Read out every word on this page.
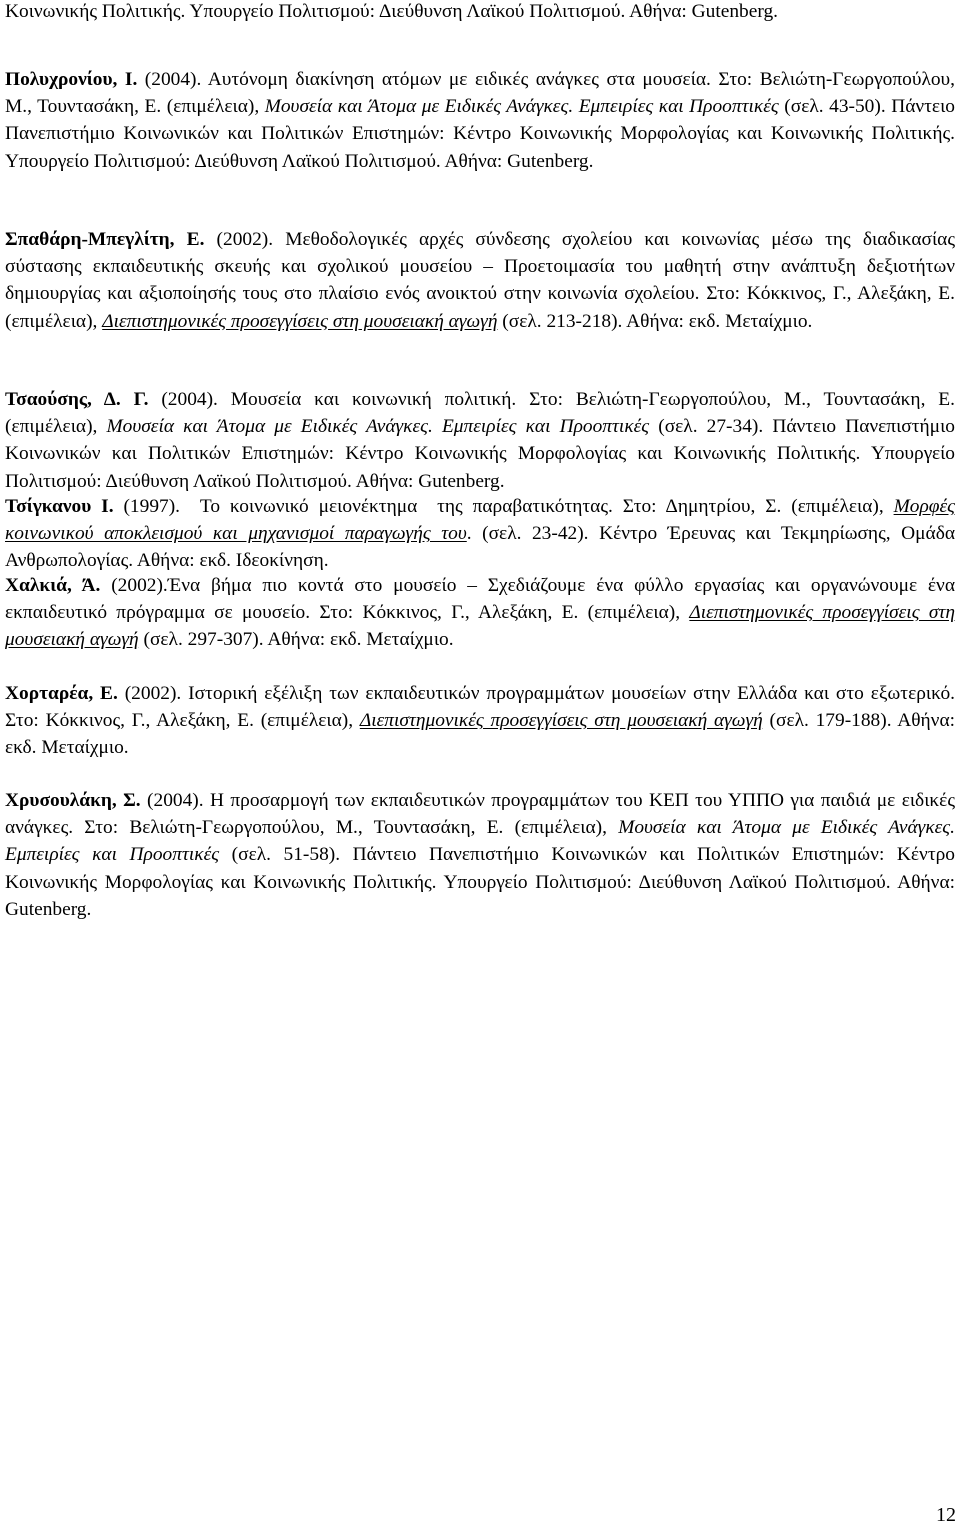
Κοινωνικής Πολιτικής. Υπουργείο Πολιτισμού: Διεύθυνση Λαϊκού Πολιτισμού. Αθήνα: Gutenberg.

Πολυχρονίου, Ι. (2004). Αυτόνομη διακίνηση ατόμων με ειδικές ανάγκες στα μουσεία. Στο: Βελιώτη-Γεωργοπούλου, Μ., Τουντασάκη, Ε. (επιμέλεια), Μουσεία και Άτομα με Ειδικές Ανάγκες. Εμπειρίες και Προοπτικές (σελ. 43-50). Πάντειο Πανεπιστήμιο Κοινωνικών και Πολιτικών Επιστημών: Κέντρο Κοινωνικής Μορφολογίας και Κοινωνικής Πολιτικής. Υπουργείο Πολιτισμού: Διεύθυνση Λαϊκού Πολιτισμού. Αθήνα: Gutenberg.

Σπαθάρη-Μπεγλίτη, Ε. (2002). Μεθοδολογικές αρχές σύνδεσης σχολείου και κοινωνίας μέσω της διαδικασίας σύστασης εκπαιδευτικής σκευής και σχολικού μουσείου – Προετοιμασία του μαθητή στην ανάπτυξη δεξιοτήτων δημιουργίας και αξιοποίησής τους στο πλαίσιο ενός ανοικτού στην κοινωνία σχολείου. Στο: Κόκκινος, Γ., Αλεξάκη, Ε. (επιμέλεια), Διεπιστημονικές προσεγγίσεις στη μουσειακή αγωγή (σελ. 213-218). Αθήνα: εκδ. Μεταίχμιο.

Τσαούσης, Δ. Γ. (2004). Μουσεία και κοινωνική πολιτική. Στο: Βελιώτη-Γεωργοπούλου, Μ., Τουντασάκη, Ε. (επιμέλεια), Μουσεία και Άτομα με Ειδικές Ανάγκες. Εμπειρίες και Προοπτικές (σελ. 27-34). Πάντειο Πανεπιστήμιο Κοινωνικών και Πολιτικών Επιστημών: Κέντρο Κοινωνικής Μορφολογίας και Κοινωνικής Πολιτικής. Υπουργείο Πολιτισμού: Διεύθυνση Λαϊκού Πολιτισμού. Αθήνα: Gutenberg.

Τσίγκανου Ι. (1997).  Το κοινωνικό μειονέκτημα  της παραβατικότητας. Στο: Δημητρίου, Σ. (επιμέλεια), Μορφές κοινωνικού αποκλεισμού και μηχανισμοί παραγωγής του. (σελ. 23-42). Κέντρο Έρευνας και Τεκμηρίωσης, Ομάδα Ανθρωπολογίας. Αθήνα: εκδ. Ιδεοκίνηση.

Χαλκιά, Ά. (2002).Ένα βήμα πιο κοντά στο μουσείο – Σχεδιάζουμε ένα φύλλο εργασίας και οργανώνουμε ένα εκπαιδευτικό πρόγραμμα σε μουσείο. Στο: Κόκκινος, Γ., Αλεξάκη, Ε. (επιμέλεια), Διεπιστημονικές προσεγγίσεις στη μουσειακή αγωγή (σελ. 297-307). Αθήνα: εκδ. Μεταίχμιο.

Χορταρέα, Ε. (2002). Ιστορική εξέλιξη των εκπαιδευτικών προγραμμάτων μουσείων στην Ελλάδα και στο εξωτερικό. Στο: Κόκκινος, Γ., Αλεξάκη, Ε. (επιμέλεια), Διεπιστημονικές προσεγγίσεις στη μουσειακή αγωγή (σελ. 179-188). Αθήνα: εκδ. Μεταίχμιο.

Χρυσουλάκη, Σ. (2004). Η προσαρμογή των εκπαιδευτικών προγραμμάτων του ΚΕΠ του ΥΠΠΟ για παιδιά με ειδικές ανάγκες. Στο: Βελιώτη-Γεωργοπούλου, Μ., Τουντασάκη, Ε. (επιμέλεια), Μουσεία και Άτομα με Ειδικές Ανάγκες. Εμπειρίες και Προοπτικές (σελ. 51-58). Πάντειο Πανεπιστήμιο Κοινωνικών και Πολιτικών Επιστημών: Κέντρο Κοινωνικής Μορφολογίας και Κοινωνικής Πολιτικής. Υπουργείο Πολιτισμού: Διεύθυνση Λαϊκού Πολιτισμού. Αθήνα: Gutenberg.

12
